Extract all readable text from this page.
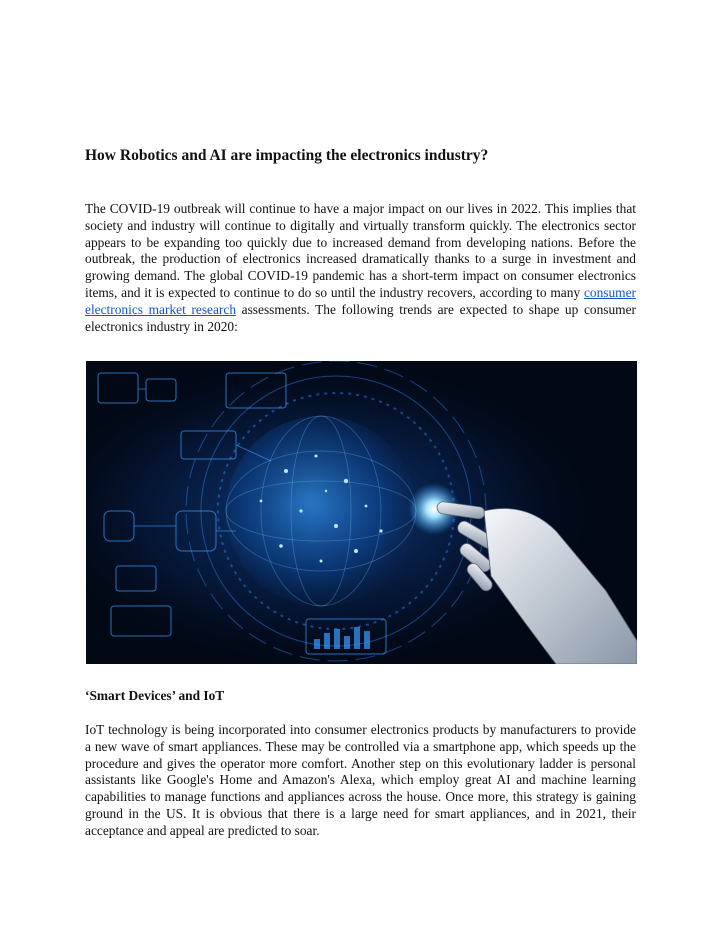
How Robotics and AI are impacting the electronics industry?

The COVID-19 outbreak will continue to have a major impact on our lives in 2022. This implies that society and industry will continue to digitally and virtually transform quickly. The electronics sector appears to be expanding too quickly due to increased demand from developing nations. Before the outbreak, the production of electronics increased dramatically thanks to a surge in investment and growing demand. The global COVID-19 pandemic has a short-term impact on consumer electronics items, and it is expected to continue to do so until the industry recovers, according to many consumer electronics market research assessments. The following trends are expected to shape up consumer electronics industry in 2020:

‘Smart Devices’ and IoT

IoT technology is being incorporated into consumer electronics products by manufacturers to provide a new wave of smart appliances. These may be controlled via a smartphone app, which speeds up the procedure and gives the operator more comfort. Another step on this evolutionary ladder is personal assistants like Google's Home and Amazon's Alexa, which employ great AI and machine learning capabilities to manage functions and appliances across the house. Once more, this strategy is gaining ground in the US. It is obvious that there is a large need for smart appliances, and in 2021, their acceptance and appeal are predicted to soar.
